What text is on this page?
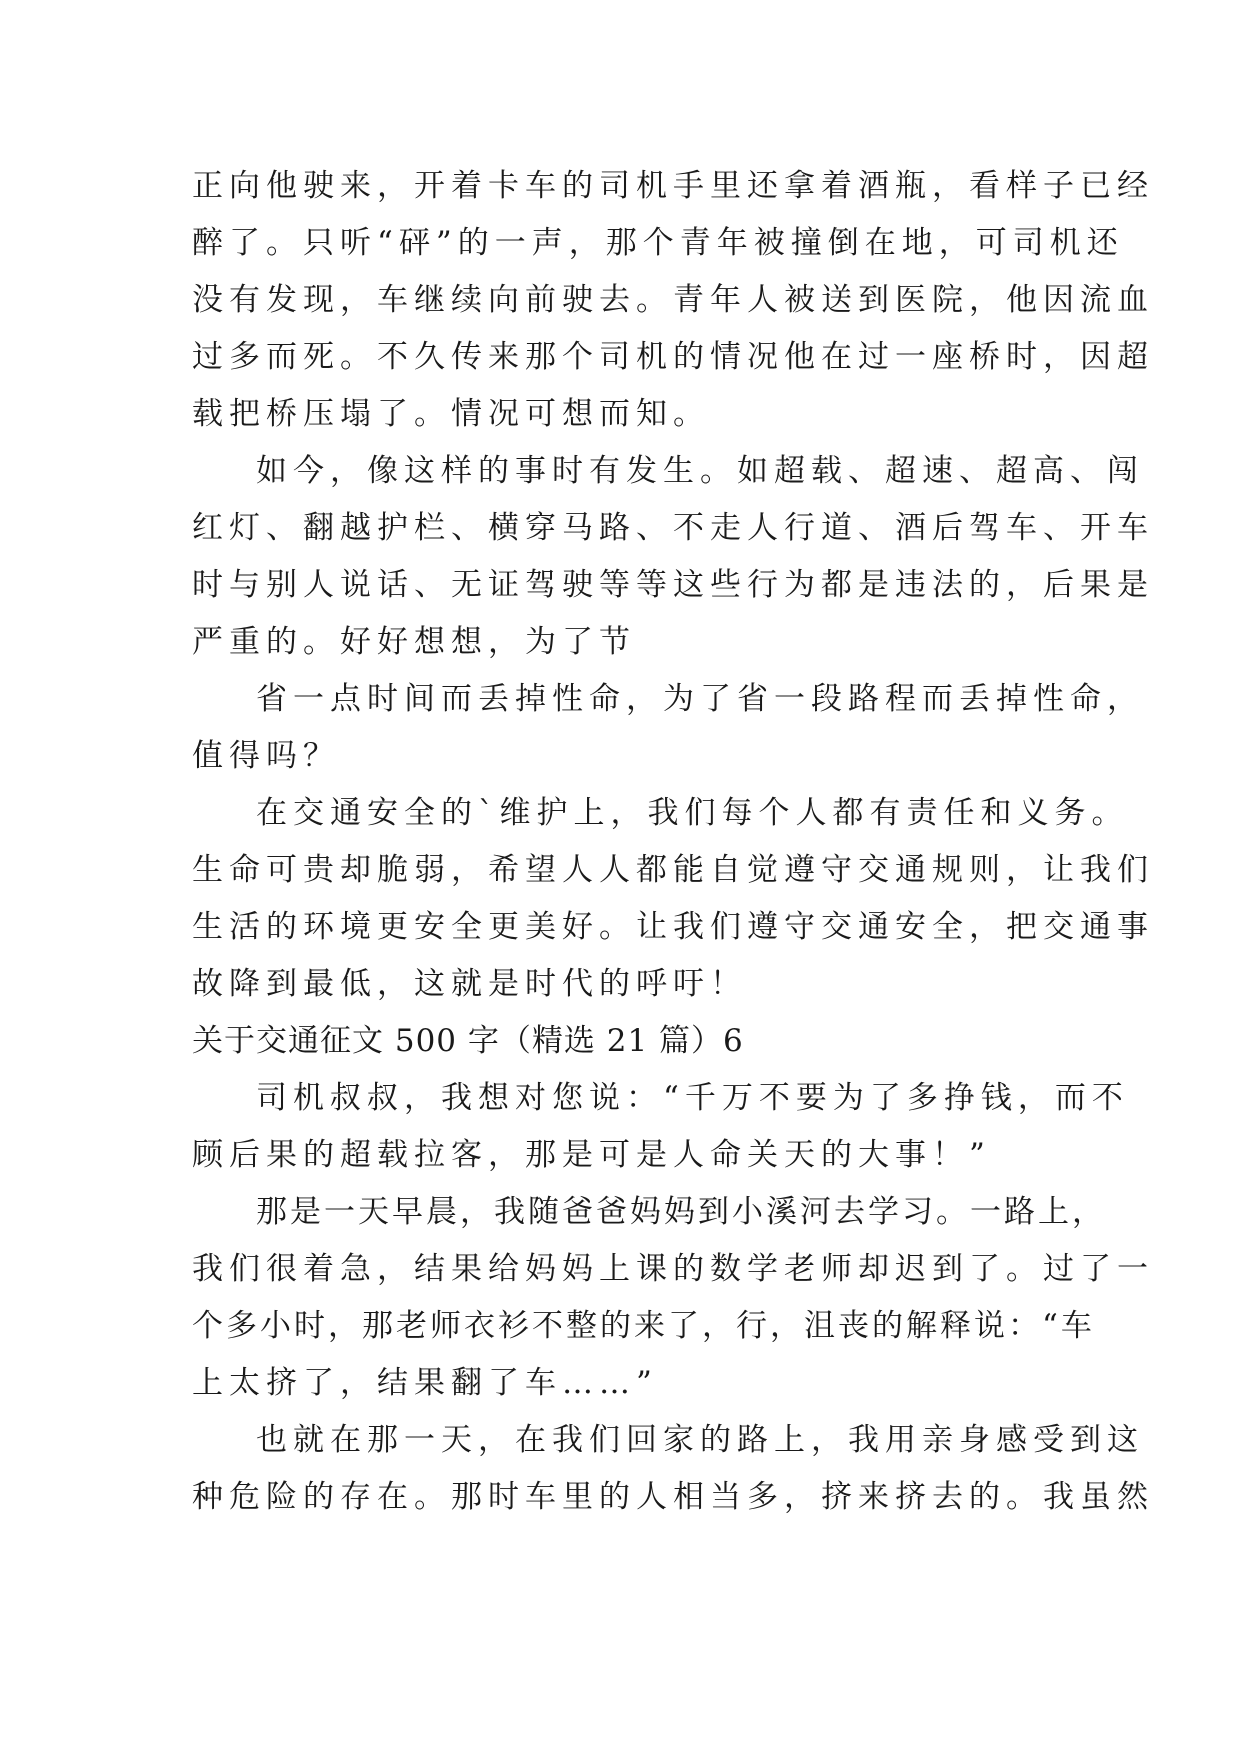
正向他驶来，开着卡车的司机手里还拿着酒瓶，看样子已经
醉了。只听“砰”的一声，那个青年被撞倒在地，可司机还
没有发现，车继续向前驶去。青年人被送到医院，他因流血
过多而死。不久传来那个司机的情况他在过一座桥时，因超
载把桥压塌了。情况可想而知。
如今，像这样的事时有发生。如超载、超速、超高、闯
红灯、翻越护栏、横穿马路、不走人行道、酒后驾车、开车
时与别人说话、无证驾驶等等这些行为都是违法的，后果是
严重的。好好想想，为了节
省一点时间而丢掉性命，为了省一段路程而丢掉性命，
值得吗？
在交通安全的`维护上，我们每个人都有责任和义务。
生命可贵却脆弱，希望人人都能自觉遵守交通规则，让我们
生活的环境更安全更美好。让我们遵守交通安全，把交通事
故降到最低，这就是时代的呼吁！
关于交通征文 500 字（精选 21 篇）6
司机叔叔，我想对您说：“千万不要为了多挣钱，而不
顾后果的超载拉客，那是可是人命关天的大事！”
那是一天早晨，我随爸爸妈妈到小溪河去学习。一路上，
我们很着急，结果给妈妈上课的数学老师却迟到了。过了一
个多小时，那老师衣衫不整的来了，行，沮丧的解释说：“车
上太挤了，结果翻了车……”
也就在那一天，在我们回家的路上，我用亲身感受到这
种危险的存在。那时车里的人相当多，挤来挤去的。我虽然
